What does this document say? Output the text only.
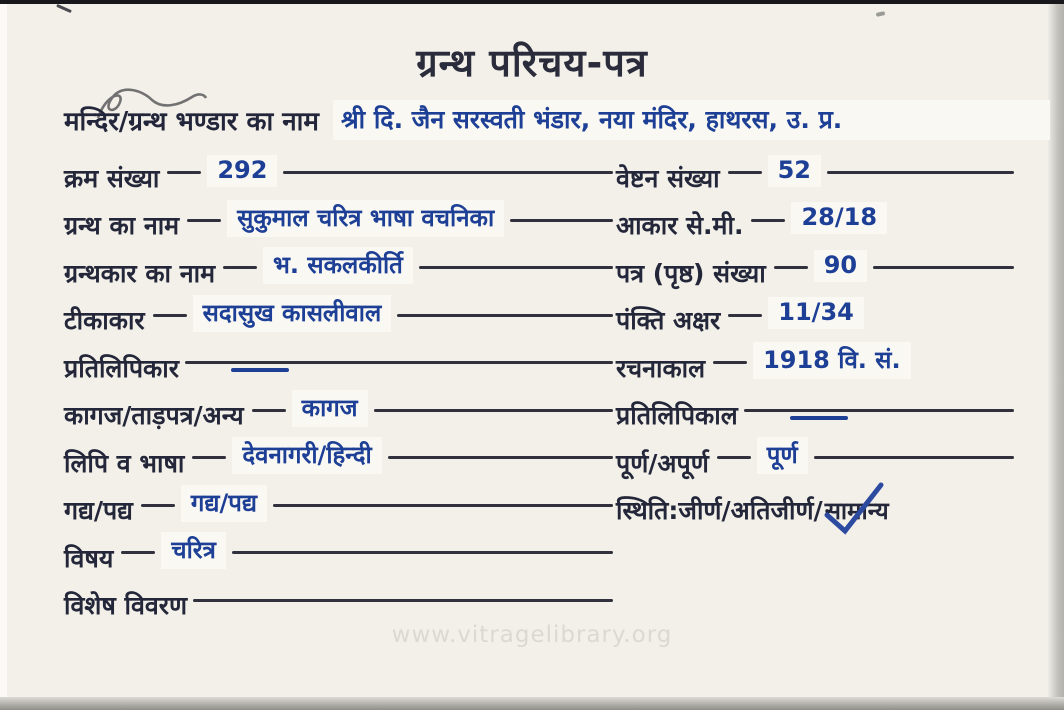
ग्रन्थ परिचय-पत्र
मन्दिर/ग्रन्थ भण्डार का नाम श्री दि. जैन सरस्वती भंडार, नया मंदिर, हाथरस, उ. प्र.
क्रम संख्या	292
ग्रन्थ का नाम	सुकुमाल चरित्र भाषा वचनिका
ग्रन्थकार का नाम	भ. सकलकीर्ति
टीकाकार	सदासुख कासलीवाल
प्रतिलिपिकार
कागज/ताड़पत्र/अन्य	कागज
लिपि व भाषा	देवनागरी/हिन्दी
गद्य/पद्य	गद्य/पद्य
विषय	चरित्र
विशेष विवरण
वेष्टन संख्या	52
आकार से.मी.	28/18
पत्र (पृष्ठ) संख्या	90
पंक्ति अक्षर	11/34
रचनाकाल	1918 वि. सं.
प्रतिलिपिकाल
पूर्ण/अपूर्ण	पूर्ण
स्थिति:जीर्ण/अतिजीर्ण/ सामान्य
www.vitragelibrary.org
